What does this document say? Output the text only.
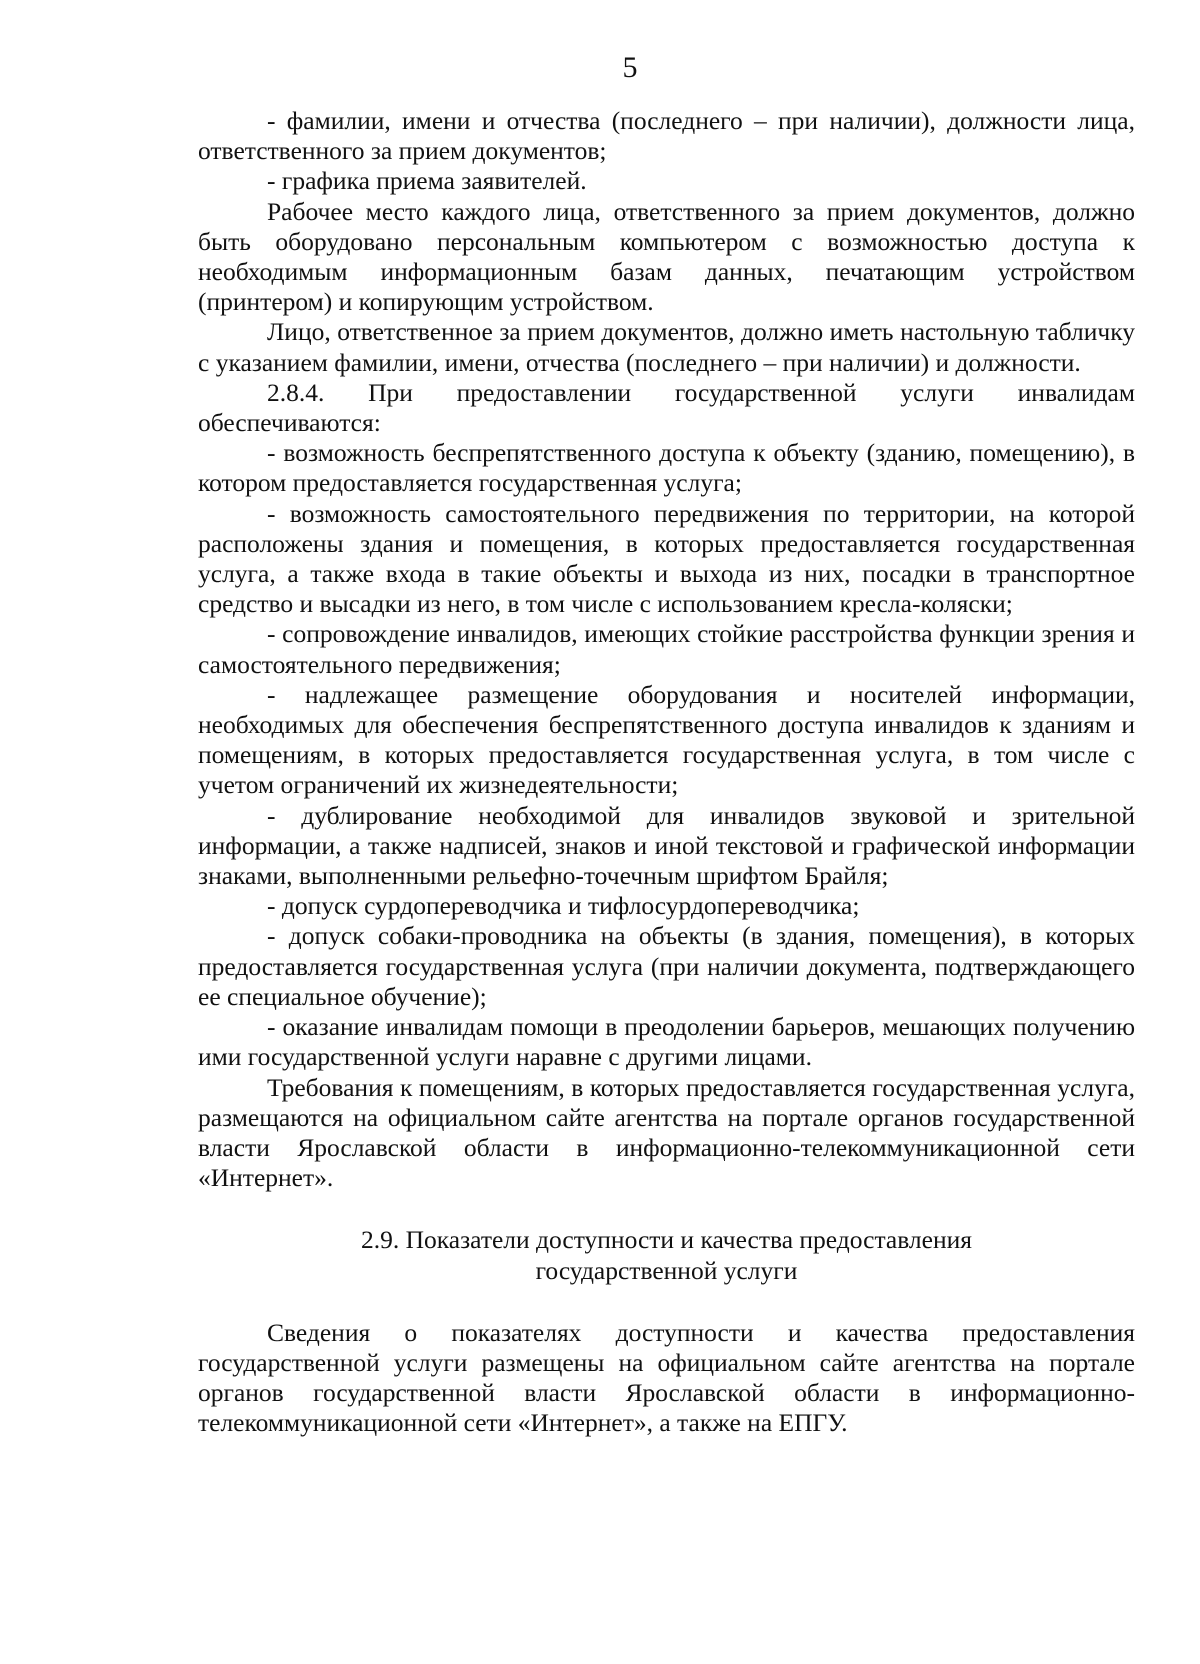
5

- фамилии, имени и отчества (последнего – при наличии), должности лица, ответственного за прием документов;

- графика приема заявителей.

Рабочее место каждого лица, ответственного за прием документов, должно быть оборудовано персональным компьютером с возможностью доступа к необходимым информационным базам данных, печатающим устройством (принтером) и копирующим устройством.

Лицо, ответственное за прием документов, должно иметь настольную табличку с указанием фамилии, имени, отчества (последнего – при наличии) и должности.

2.8.4. При предоставлении государственной услуги инвалидам обеспечиваются:

- возможность беспрепятственного доступа к объекту (зданию, помещению), в котором предоставляется государственная услуга;

- возможность самостоятельного передвижения по территории, на которой расположены здания и помещения, в которых предоставляется государственная услуга, а также входа в такие объекты и выхода из них, посадки в транспортное средство и высадки из него, в том числе с использованием кресла-коляски;

- сопровождение инвалидов, имеющих стойкие расстройства функции зрения и самостоятельного передвижения;

- надлежащее размещение оборудования и носителей информации, необходимых для обеспечения беспрепятственного доступа инвалидов к зданиям и помещениям, в которых предоставляется государственная услуга, в том числе с учетом ограничений их жизнедеятельности;

- дублирование необходимой для инвалидов звуковой и зрительной информации, а также надписей, знаков и иной текстовой и графической информации знаками, выполненными рельефно-точечным шрифтом Брайля;

- допуск сурдопереводчика и тифлосурдопереводчика;

- допуск собаки-проводника на объекты (в здания, помещения), в которых предоставляется государственная услуга (при наличии документа, подтверждающего ее специальное обучение);

- оказание инвалидам помощи в преодолении барьеров, мешающих получению ими государственной услуги наравне с другими лицами.

Требования к помещениям, в которых предоставляется государственная услуга, размещаются на официальном сайте агентства на портале органов государственной власти Ярославской области в информационно-телекоммуникационной сети «Интернет».

2.9. Показатели доступности и качества предоставления
государственной услуги

Сведения о показателях доступности и качества предоставления государственной услуги размещены на официальном сайте агентства на портале органов государственной власти Ярославской области в информационно-телекоммуникационной сети «Интернет», а также на ЕПГУ.
